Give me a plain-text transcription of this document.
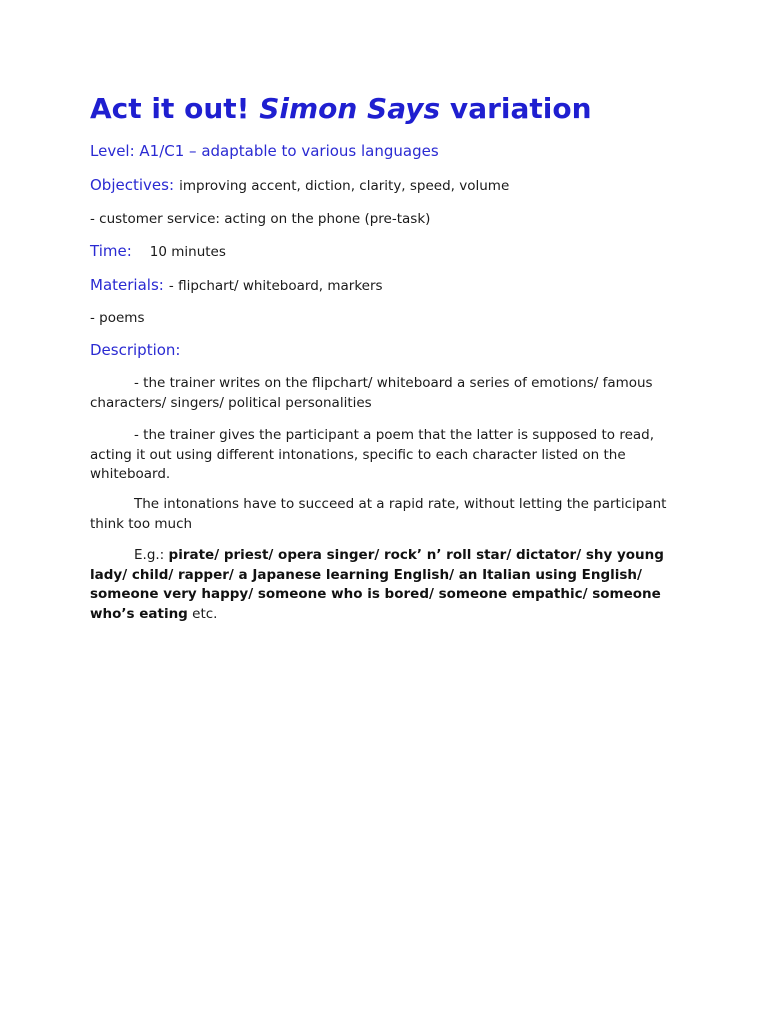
Act it out! Simon Says variation
Level: A1/C1 – adaptable to various languages
Objectives: improving accent, diction, clarity, speed, volume
- customer service: acting on the phone (pre-task)
Time: 10 minutes
Materials: - flipchart/ whiteboard, markers
- poems
Description:
- the trainer writes on the flipchart/ whiteboard a series of emotions/ famous characters/ singers/ political personalities
- the trainer gives the participant a poem that the latter is supposed to read, acting it out using different intonations, specific to each character listed on the whiteboard.
The intonations have to succeed at a rapid rate, without letting the participant think too much
E.g.: pirate/ priest/ opera singer/ rock’ n’ roll star/ dictator/ shy young lady/ child/ rapper/ a Japanese learning English/ an Italian using English/ someone very happy/ someone who is bored/ someone empathic/ someone who’s eating etc.
